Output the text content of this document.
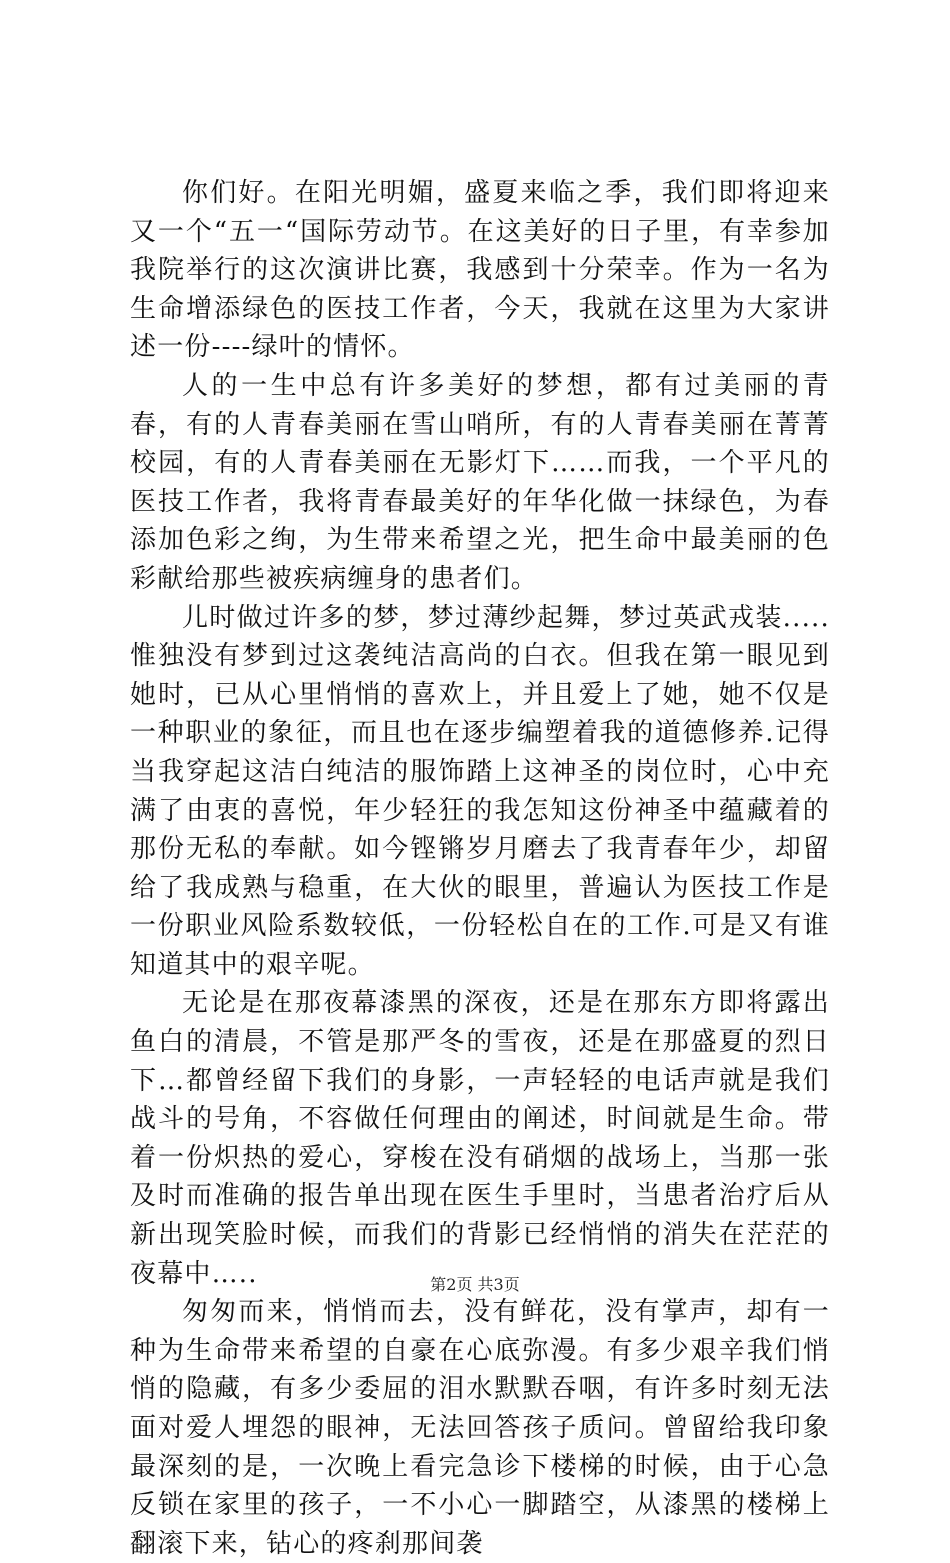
你们好。在阳光明媚，盛夏来临之季，我们即将迎来又一个“五一“国际劳动节。在这美好的日子里，有幸参加我院举行的这次演讲比赛，我感到十分荣幸。作为一名为生命增添绿色的医技工作者，今天，我就在这里为大家讲述一份----绿叶的情怀。

人的一生中总有许多美好的梦想，都有过美丽的青春，有的人青春美丽在雪山哨所，有的人青春美丽在菁菁校园，有的人青春美丽在无影灯下……而我，一个平凡的医技工作者，我将青春最美好的年华化做一抹绿色，为春添加色彩之绚，为生带来希望之光，把生命中最美丽的色彩献给那些被疾病缠身的患者们。

儿时做过许多的梦，梦过薄纱起舞，梦过英武戎装.....惟独没有梦到过这袭纯洁高尚的白衣。但我在第一眼见到她时，已从心里悄悄的喜欢上，并且爱上了她，她不仅是一种职业的象征，而且也在逐步编塑着我的道德修养.记得当我穿起这洁白纯洁的服饰踏上这神圣的岗位时，心中充满了由衷的喜悦，年少轻狂的我怎知这份神圣中蕴藏着的那份无私的奉献。如今铿锵岁月磨去了我青春年少，却留给了我成熟与稳重，在大伙的眼里，普遍认为医技工作是一份职业风险系数较低，一份轻松自在的工作.可是又有谁知道其中的艰辛呢。

无论是在那夜幕漆黑的深夜，还是在那东方即将露出鱼白的清晨，不管是那严冬的雪夜，还是在那盛夏的烈日下…都曾经留下我们的身影，一声轻轻的电话声就是我们战斗的号角，不容做任何理由的阐述，时间就是生命。带着一份炽热的爱心，穿梭在没有硝烟的战场上，当那一张及时而准确的报告单出现在医生手里时，当患者治疗后从新出现笑脸时候，而我们的背影已经悄悄的消失在茫茫的夜幕中…..

匆匆而来，悄悄而去，没有鲜花，没有掌声，却有一种为生命带来希望的自豪在心底弥漫。有多少艰辛我们悄悄的隐藏，有多少委屈的泪水默默吞咽，有许多时刻无法面对爱人埋怨的眼神，无法回答孩子质问。曾留给我印象最深刻的是，一次晚上看完急诊下楼梯的时候，由于心急反锁在家里的孩子，一不小心一脚踏空，从漆黑的楼梯上翻滚下来，钻心的疼刹那间袭

第2页 共3页
